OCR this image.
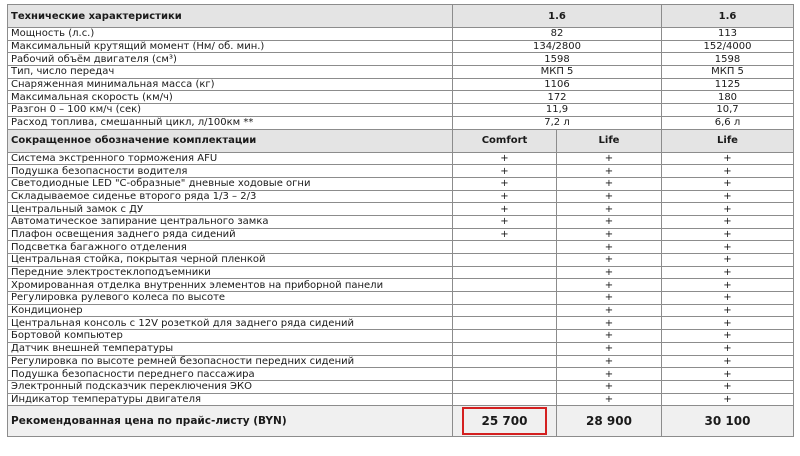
Технические характеристики	1.6		1.6
Мощность (л.с.)	82		113
Максимальный крутящий момент (Нм/ об. мин.)	134/2800		152/4000
Рабочий объём двигателя (см³)	1598		1598
Тип, число передач	МКП 5		МКП 5
Снаряженная минимальная масса (кг)	1106		1125
Максимальная скорость (км/ч)	172		180
Разгон 0 – 100 км/ч (сек)	11,9		10,7
Расход топлива, смешанный цикл, л/100км **	7,2 л		6,6 л
Сокращенное обозначение комплектации	Comfort	Life	Life
Система экстренного торможения AFU	+	+	+
Подушка безопасности водителя	+	+	+
Светодиодные LED "С-образные" дневные ходовые огни	+	+	+
Складываемое сиденье второго ряда 1/3 – 2/3	+	+	+
Центральный замок с ДУ	+	+	+
Автоматическое запирание центрального замка	+	+	+
Плафон освещения заднего ряда сидений	+	+	+
Подсветка багажного отделения		+	+
Центральная стойка, покрытая черной пленкой		+	+
Передние электростеклоподъемники		+	+
Хромированная отделка внутренних элементов на приборной панели		+	+
Регулировка рулевого колеса по высоте		+	+
Кондиционер		+	+
Центральная консоль с 12V розеткой для заднего ряда сидений		+	+
Бортовой компьютер		+	+
Датчик внешней температуры		+	+
Регулировка по высоте ремней безопасности передних сидений		+	+
Подушка безопасности переднего пассажира		+	+
Электронный подсказчик переключения ЭКО		+	+
Индикатор температуры двигателя		+	+
Рекомендованная цена по прайс-листу (BYN)	25 700	28 900	30 100
